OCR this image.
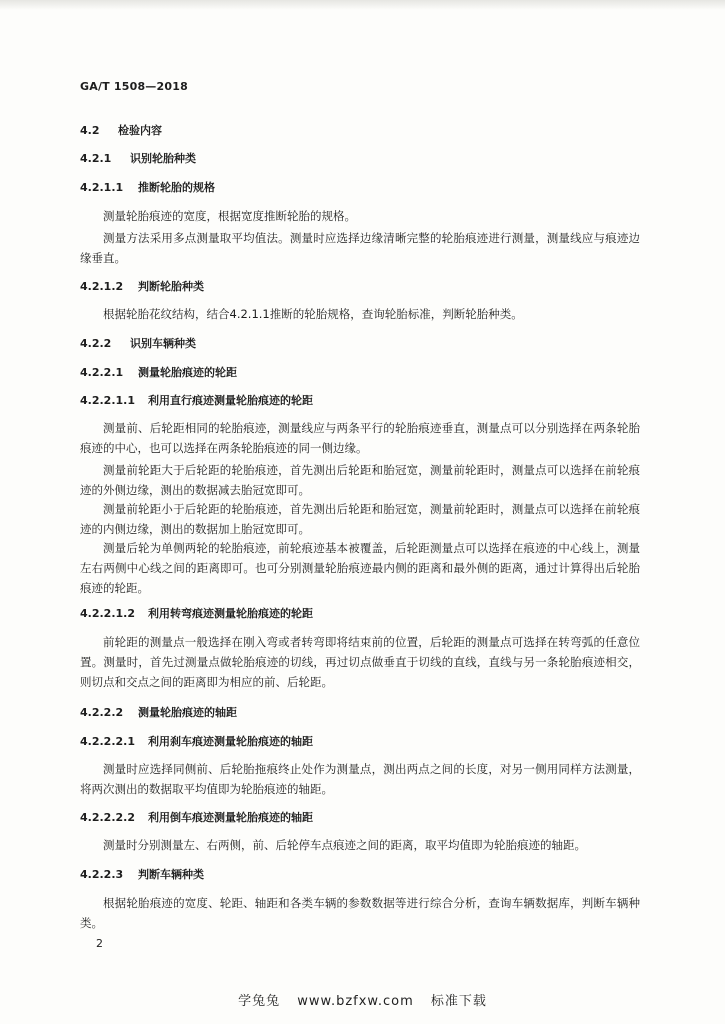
GA/T 1508—2018
4.2 检验内容
4.2.1 识别轮胎种类
4.2.1.1 推断轮胎的规格
测量轮胎痕迹的宽度，根据宽度推断轮胎的规格。
测量方法采用多点测量取平均值法。测量时应选择边缘清晰完整的轮胎痕迹进行测量，测量线应与痕迹边缘垂直。
4.2.1.2 判断轮胎种类
根据轮胎花纹结构，结合4.2.1.1推断的轮胎规格，查询轮胎标准，判断轮胎种类。
4.2.2 识别车辆种类
4.2.2.1 测量轮胎痕迹的轮距
4.2.2.1.1 利用直行痕迹测量轮胎痕迹的轮距
测量前、后轮距相同的轮胎痕迹，测量线应与两条平行的轮胎痕迹垂直，测量点可以分别选择在两条轮胎痕迹的中心，也可以选择在两条轮胎痕迹的同一侧边缘。
测量前轮距大于后轮距的轮胎痕迹，首先测出后轮距和胎冠宽，测量前轮距时，测量点可以选择在前轮痕迹的外侧边缘，测出的数据减去胎冠宽即可。
测量前轮距小于后轮距的轮胎痕迹，首先测出后轮距和胎冠宽，测量前轮距时，测量点可以选择在前轮痕迹的内侧边缘，测出的数据加上胎冠宽即可。
测量后轮为单侧两轮的轮胎痕迹，前轮痕迹基本被覆盖，后轮距测量点可以选择在痕迹的中心线上，测量左右两侧中心线之间的距离即可。也可分别测量轮胎痕迹最内侧的距离和最外侧的距离，通过计算得出后轮胎痕迹的轮距。
4.2.2.1.2 利用转弯痕迹测量轮胎痕迹的轮距
前轮距的测量点一般选择在刚入弯或者转弯即将结束前的位置，后轮距的测量点可选择在转弯弧的任意位置。测量时，首先过测量点做轮胎痕迹的切线，再过切点做垂直于切线的直线，直线与另一条轮胎痕迹相交，则切点和交点之间的距离即为相应的前、后轮距。
4.2.2.2 测量轮胎痕迹的轴距
4.2.2.2.1 利用刹车痕迹测量轮胎痕迹的轴距
测量时应选择同侧前、后轮胎拖痕终止处作为测量点，测出两点之间的长度，对另一侧用同样方法测量，将两次测出的数据取平均值即为轮胎痕迹的轴距。
4.2.2.2.2 利用倒车痕迹测量轮胎痕迹的轴距
测量时分别测量左、右两侧，前、后轮停车点痕迹之间的距离，取平均值即为轮胎痕迹的轴距。
4.2.2.3 判断车辆种类
根据轮胎痕迹的宽度、轮距、轴距和各类车辆的参数数据等进行综合分析，查询车辆数据库，判断车辆种类。
2
学兔兔 www.bzfxw.com 标准下载
